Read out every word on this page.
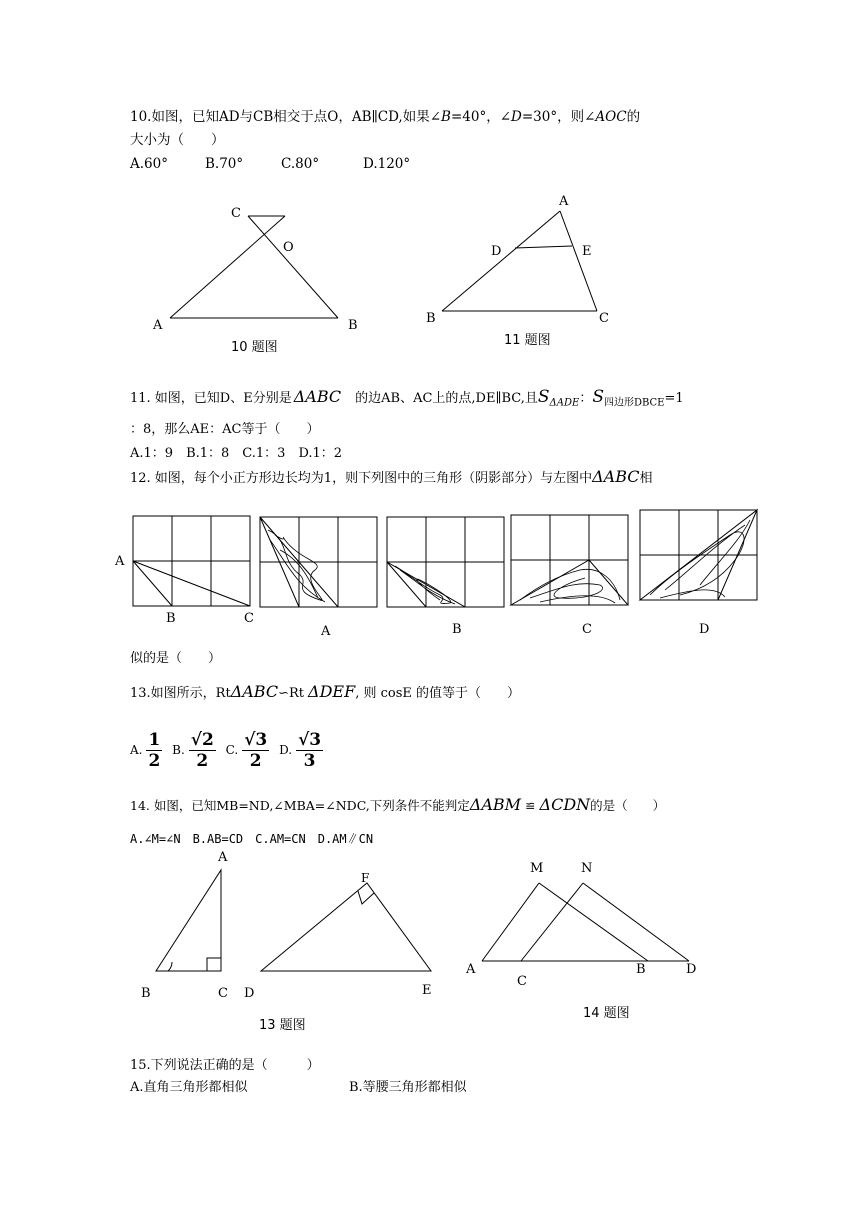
10.如图，已知AD与CB相交于点O，AB∥CD,如果∠B=40°，∠D=30°，则∠AOC的
大小为（　　）
A.60°	B.70°	C.80°	D.120°
C
O
A	B
10 题图
A
D	E
B	C
11 题图
11. 如图，已知D、E分别是 ΔABC 的边AB、AC上的点,DE∥BC,且$S_{\Delta ADE}$：$S_{四边形DBCE}=1$
：8，那么AE：AC等于（　　）
A.1：9　B.1：8　C.1：3　D.1：2
12. 如图，每个小正方形边长均为1，则下列图中的三角形（阴影部分）与左图中ΔABC相
A
B	C
A	B	C	D
似的是（　　）
13.如图所示，RtΔABC∽Rt ΔDEF, 则 cosE 的值等于（　　）
A. $\frac{1}{2} B$. $\frac{√2}{2} C$. $\frac{√3}{2} D$. $\frac{√3}{3}$
14. 如图，已知MB=ND,∠MBA=∠NDC,下列条件不能判定ΔABM ≌ ΔCDN的是（　　）
A.∠M=∠N　B.AB=CD　C.AM=CN　D.AM∥CN
A
B	C D
F
E
13 题图
M	N
A
C
B	D
14 题图
15.下列说法正确的是（　　　）
A.直角三角形都相似	B.等腰三角形都相似
